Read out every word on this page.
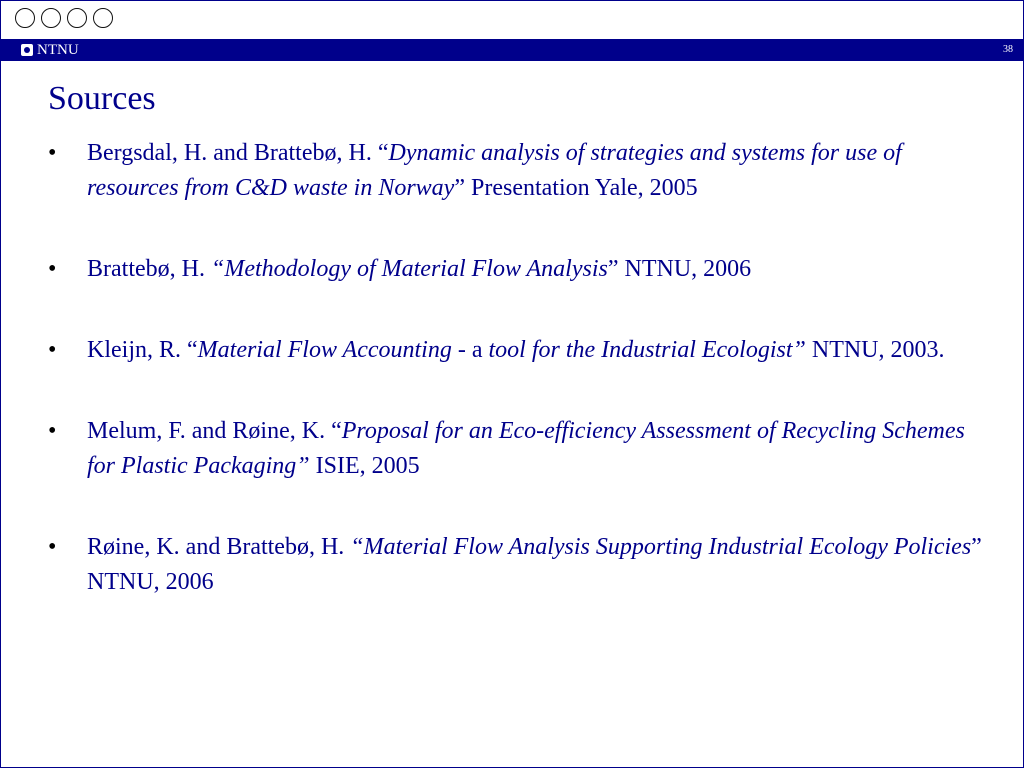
NTNU	38
Sources
• Bergsdal, H. and Brattebø, H. “Dynamic analysis of strategies and systems for use of resources from C&D waste in Norway” Presentation Yale, 2005
• Brattebø, H. “Methodology of Material Flow Analysis” NTNU, 2006
• Kleijn, R. “Material Flow Accounting - a tool for the Industrial Ecologist” NTNU, 2003.
• Melum, F. and Røine, K. “Proposal for an Eco-efficiency Assessment of Recycling Schemes for Plastic Packaging” ISIE, 2005
• Røine, K. and Brattebø, H. “Material Flow Analysis Supporting Industrial Ecology Policies” NTNU, 2006
